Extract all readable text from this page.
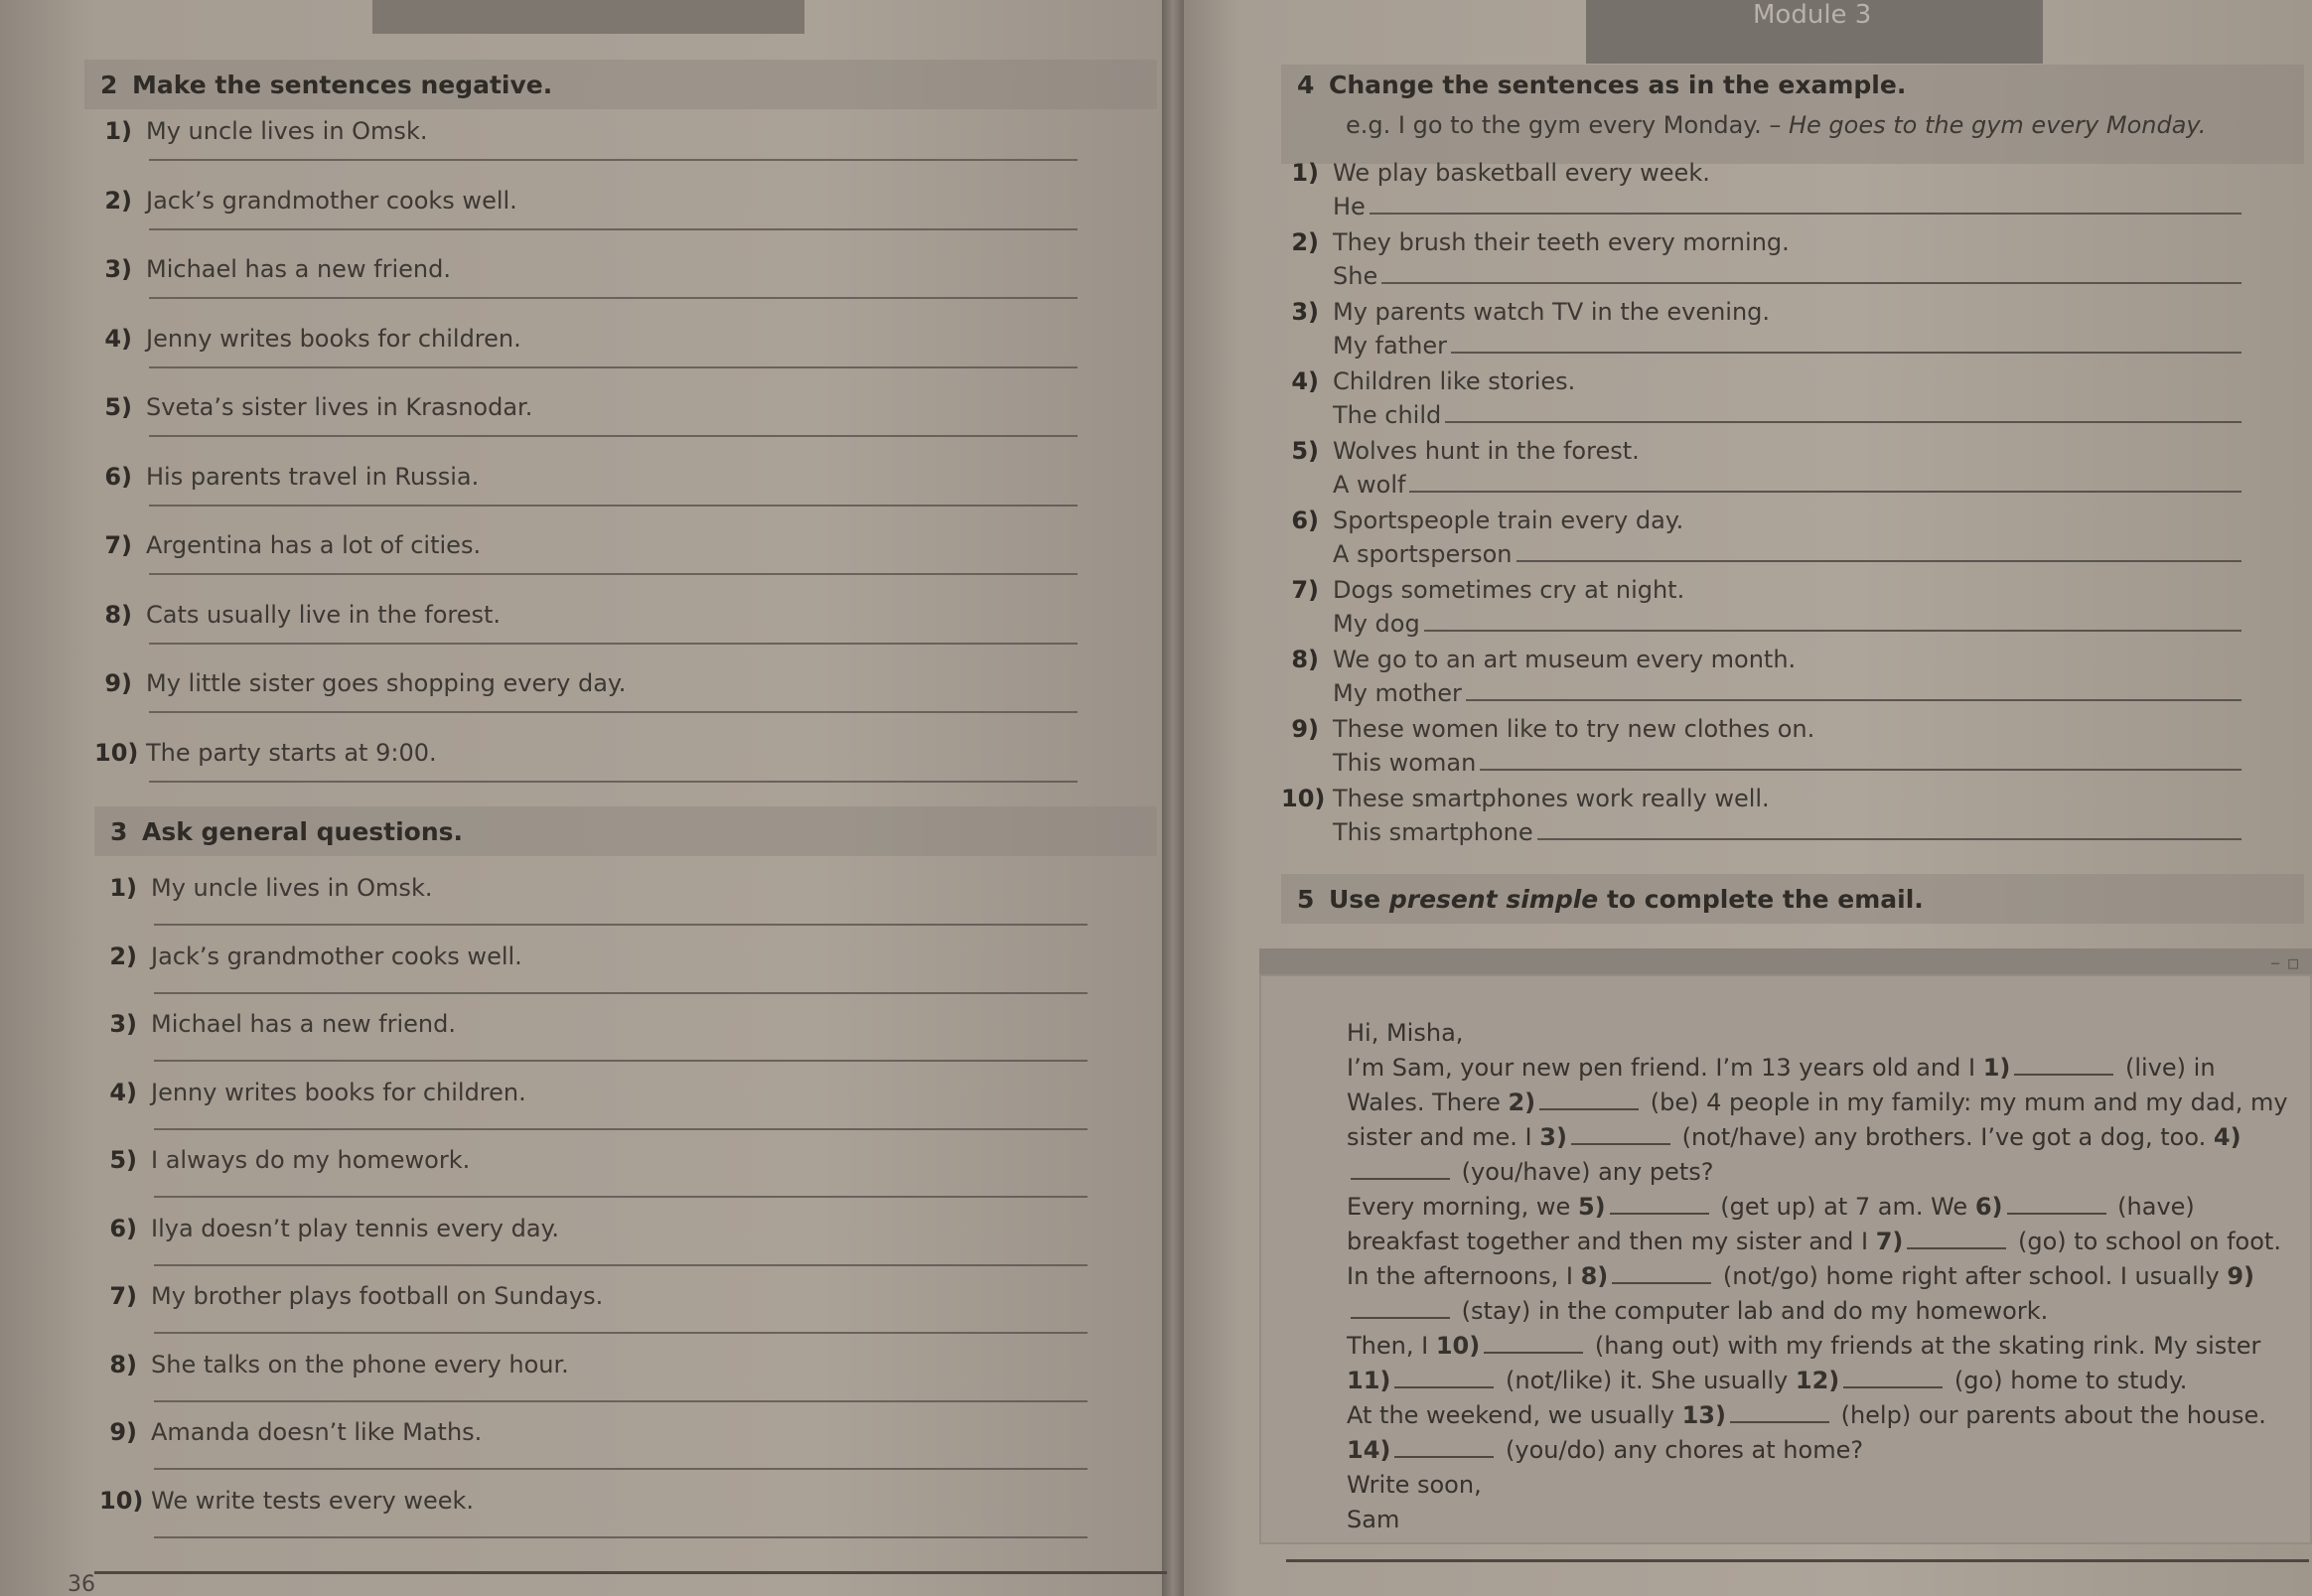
Module 3
2 Make the sentences negative.
1) My uncle lives in Omsk.
2) Jack’s grandmother cooks well.
3) Michael has a new friend.
4) Jenny writes books for children.
5) Sveta’s sister lives in Krasnodar.
6) His parents travel in Russia.
7) Argentina has a lot of cities.
8) Cats usually live in the forest.
9) My little sister goes shopping every day.
10) The party starts at 9:00.
3 Ask general questions.
1) My uncle lives in Omsk.
2) Jack’s grandmother cooks well.
3) Michael has a new friend.
4) Jenny writes books for children.
5) I always do my homework.
6) Ilya doesn’t play tennis every day.
7) My brother plays football on Sundays.
8) She talks on the phone every hour.
9) Amanda doesn’t like Maths.
10) We write tests every week.
4 Change the sentences as in the example.
e.g. I go to the gym every Monday. – He goes to the gym every Monday.
1) We play basketball every week.
He
2) They brush their teeth every morning.
She
3) My parents watch TV in the evening.
My father
4) Children like stories.
The child
5) Wolves hunt in the forest.
A wolf
6) Sportspeople train every day.
A sportsperson
7) Dogs sometimes cry at night.
My dog
8) We go to an art museum every month.
My mother
9) These women like to try new clothes on.
This woman
10) These smartphones work really well.
This smartphone
5 Use present simple to complete the email.
– ▫
Hi, Misha,
I’m Sam, your new pen friend. I’m 13 years old and I 1)	(live) in Wales. There 2)	(be) 4 people in my family: my mum and my dad, my sister and me. I 3)	(not/have) any brothers. I’ve got a dog, too. 4) (you/have) any pets?
Every morning, we 5)	(get up) at 7 am. We 6)	(have) breakfast together and then my sister and I 7)	(go) to school on foot. In the afternoons, I 8)	(not/go) home right after school. I usually 9) (stay) in the computer lab and do my homework.
Then, I 10)	(hang out) with my friends at the skating rink. My sister 11)	(not/like) it. She usually 12)	(go) home to study.
At the weekend, we usually 13)	(help) our parents about the house. 14)	(you/do) any chores at home?
Write soon,
Sam
36
